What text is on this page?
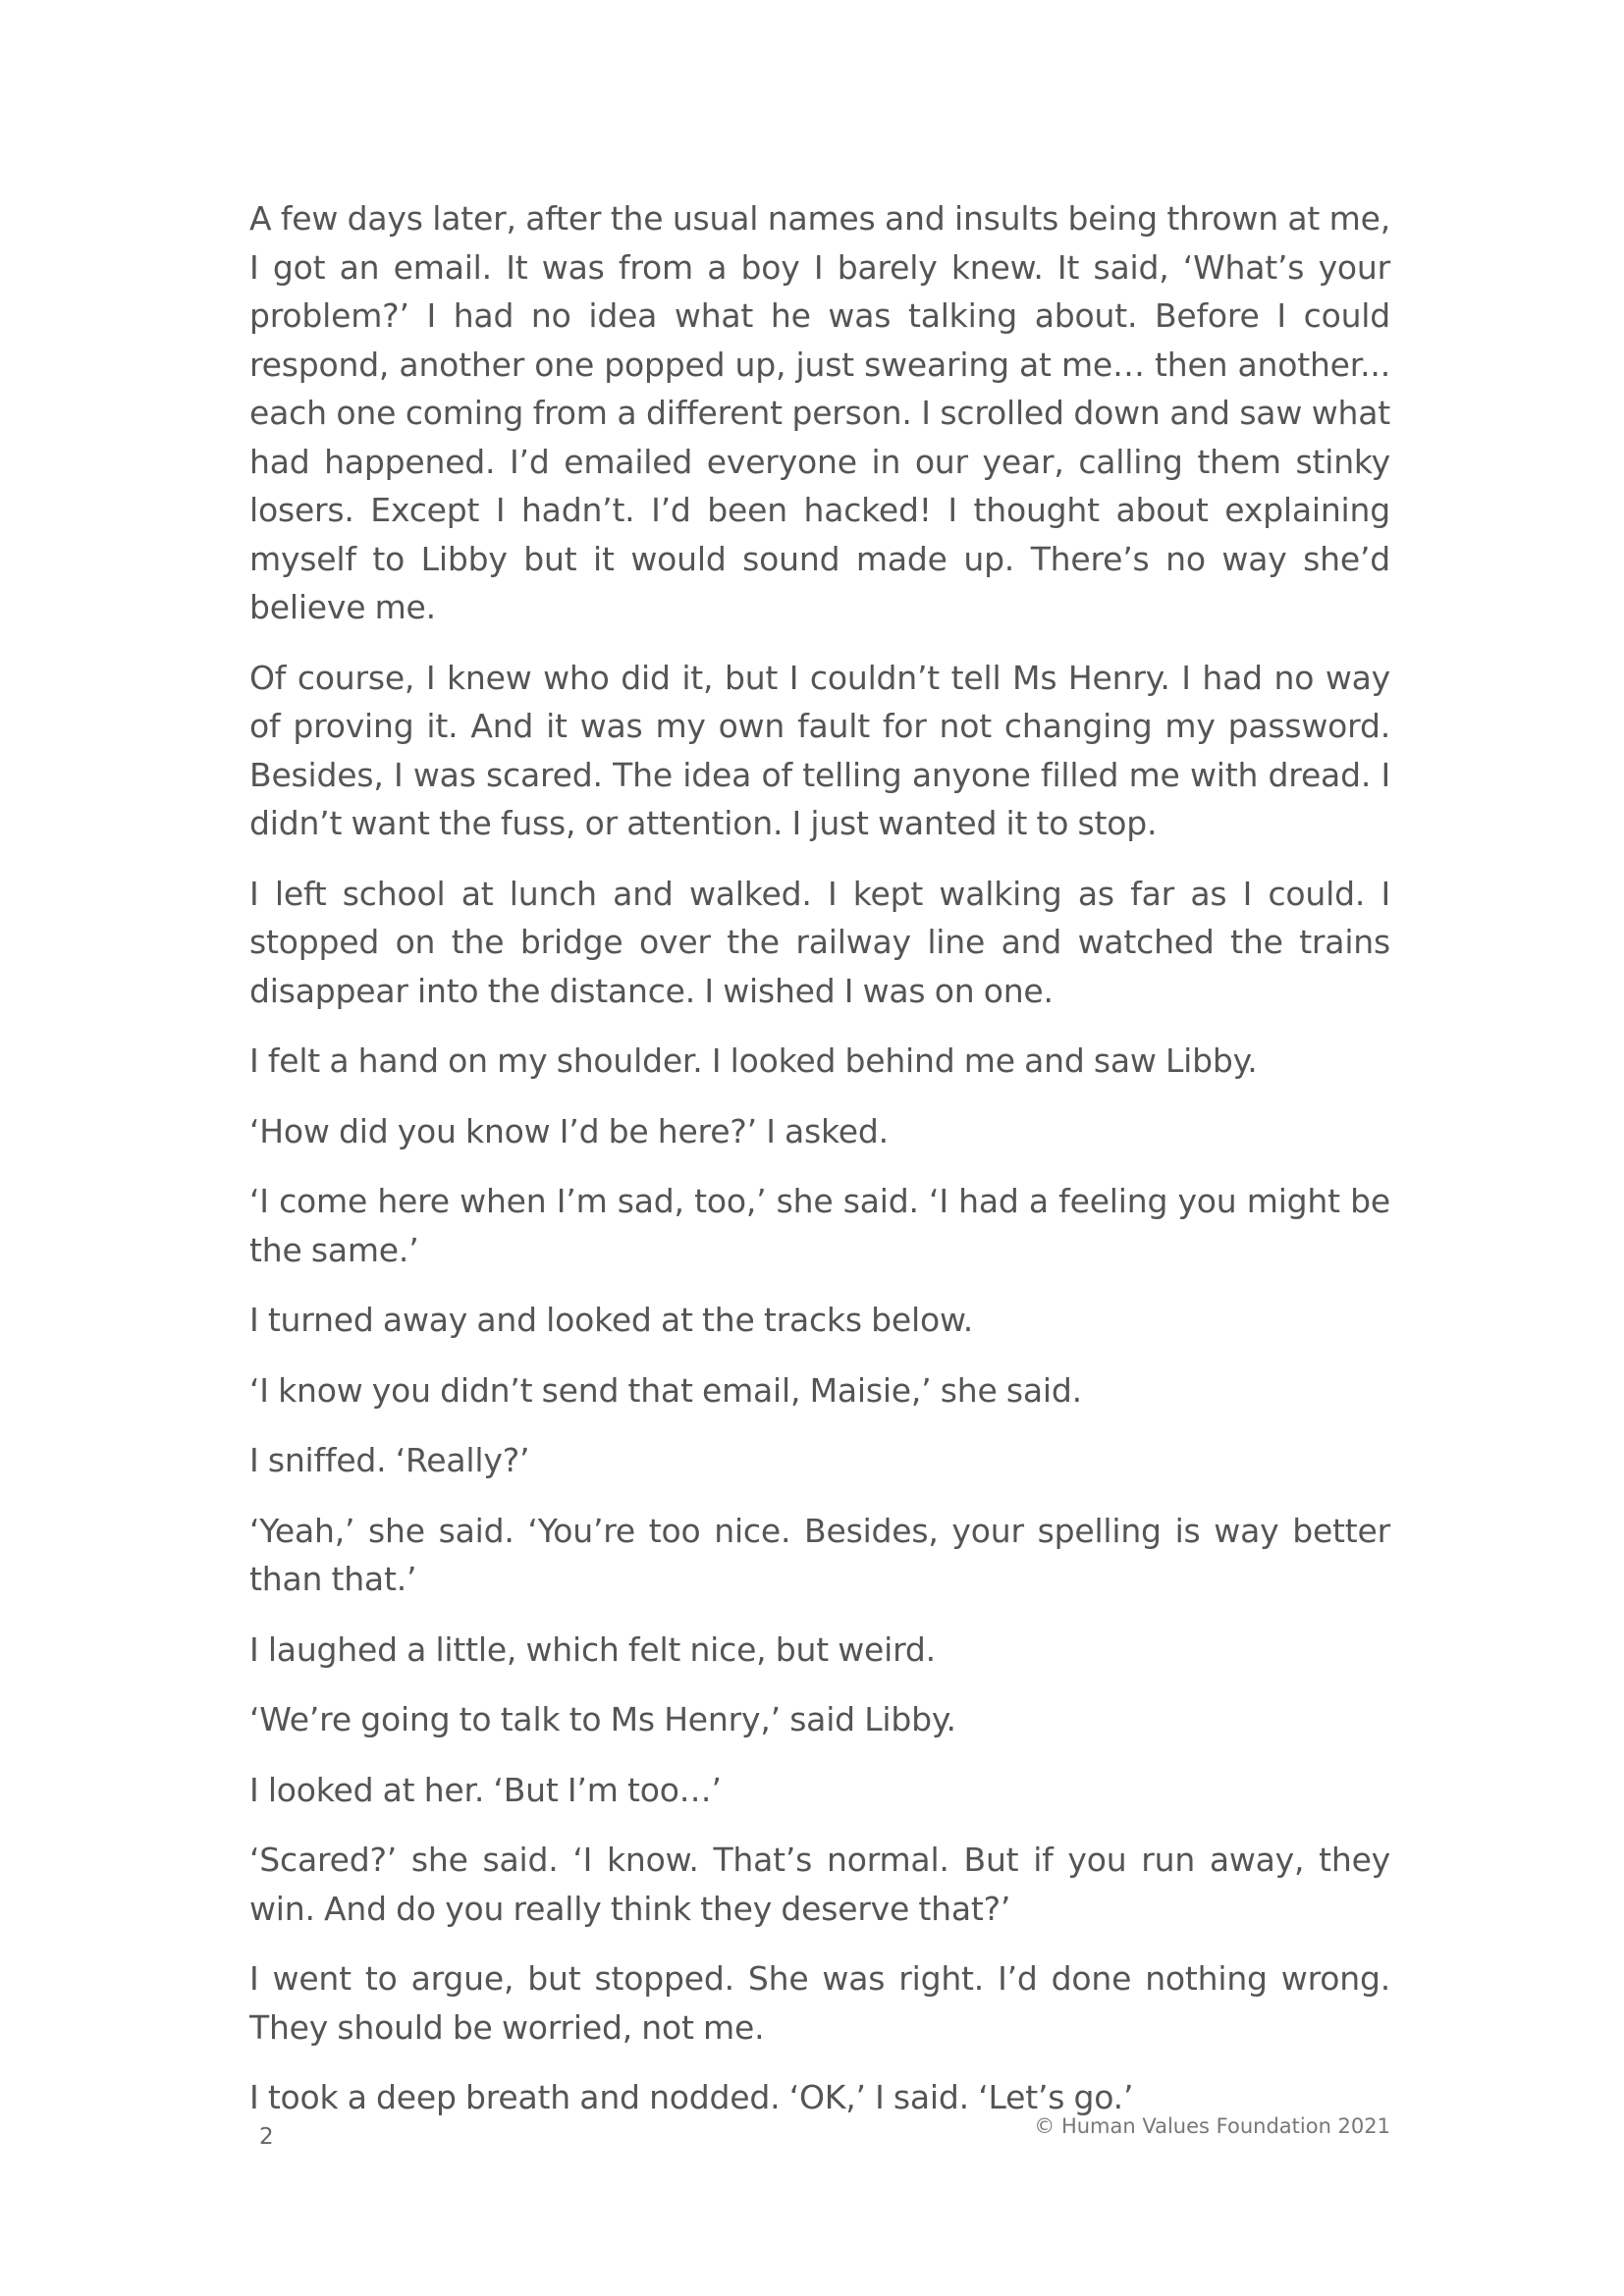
A few days later, after the usual names and insults being thrown at me, I got an email. It was from a boy I barely knew. It said, ‘What’s your problem?’ I had no idea what he was talking about. Before I could respond, another one popped up, just swearing at me… then another... each one coming from a different person. I scrolled down and saw what had happened. I’d emailed everyone in our year, calling them stinky losers. Except I hadn’t. I’d been hacked! I thought about explaining myself to Libby but it would sound made up. There’s no way she’d believe me.

Of course, I knew who did it, but I couldn’t tell Ms Henry. I had no way of proving it. And it was my own fault for not changing my password. Besides, I was scared. The idea of telling anyone filled me with dread. I didn’t want the fuss, or attention. I just wanted it to stop.

I left school at lunch and walked. I kept walking as far as I could. I stopped on the bridge over the railway line and watched the trains disappear into the distance. I wished I was on one.

I felt a hand on my shoulder. I looked behind me and saw Libby.

‘How did you know I’d be here?’ I asked.

‘I come here when I’m sad, too,’ she said. ‘I had a feeling you might be the same.’

I turned away and looked at the tracks below.

‘I know you didn’t send that email, Maisie,’ she said.

I sniffed. ‘Really?’

‘Yeah,’ she said. ‘You’re too nice. Besides, your spelling is way better than that.’

I laughed a little, which felt nice, but weird.

‘We’re going to talk to Ms Henry,’ said Libby.

I looked at her. ‘But I’m too…’

‘Scared?’ she said. ‘I know. That’s normal. But if you run away, they win. And do you really think they deserve that?’

I went to argue, but stopped. She was right. I’d done nothing wrong. They should be worried, not me.

I took a deep breath and nodded. ‘OK,’ I said. ‘Let’s go.’

2	© Human Values Foundation 2021
